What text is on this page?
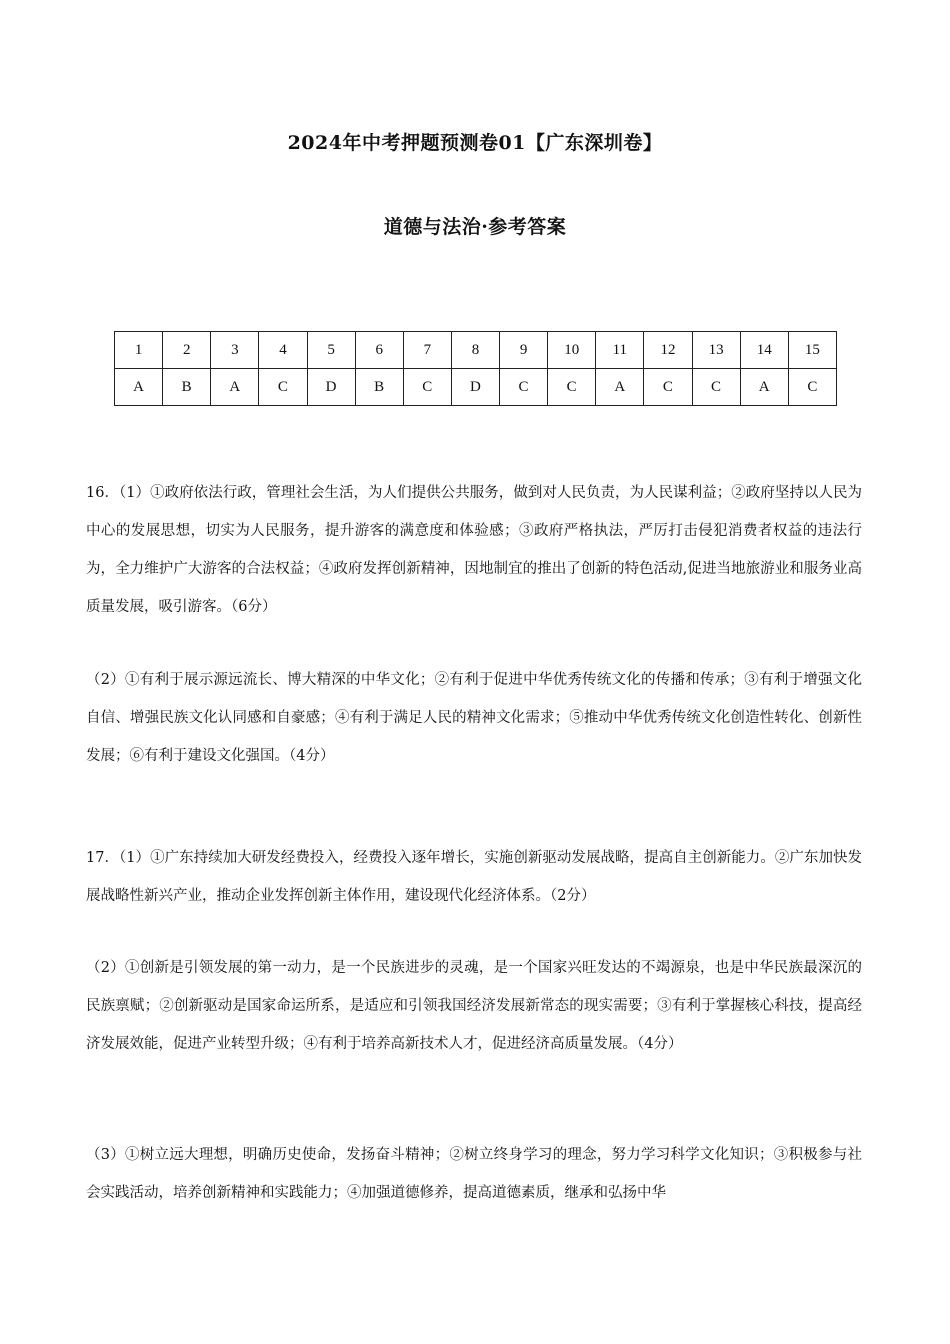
2024年中考押题预测卷01【广东深圳卷】
道德与法治·参考答案
1	2	3	4	5	6	7	8	9	10	11	12	13	14	15
A	B	A	C	D	B	C	D	C	C	A	C	C	A	C
16．（1）①政府依法行政，管理社会生活，为人们提供公共服务，做到对人民负责，为人民谋利益；②政府坚持以人民为中心的发展思想，切实为人民服务，提升游客的满意度和体验感；③政府严格执法，严厉打击侵犯消费者权益的违法行为，全力维护广大游客的合法权益；④政府发挥创新精神，因地制宜的推出了创新的特色活动,促进当地旅游业和服务业高质量发展，吸引游客。（6分）
（2）①有利于展示源远流长、博大精深的中华文化；②有利于促进中华优秀传统文化的传播和传承；③有利于增强文化自信、增强民族文化认同感和自豪感；④有利于满足人民的精神文化需求；⑤推动中华优秀传统文化创造性转化、创新性发展；⑥有利于建设文化强国。（4分）
17．（1）①广东持续加大研发经费投入，经费投入逐年增长，实施创新驱动发展战略，提高自主创新能力。②广东加快发展战略性新兴产业，推动企业发挥创新主体作用，建设现代化经济体系。（2分）
（2）①创新是引领发展的第一动力，是一个民族进步的灵魂，是一个国家兴旺发达的不竭源泉，也是中华民族最深沉的民族禀赋；②创新驱动是国家命运所系，是适应和引领我国经济发展新常态的现实需要；③有利于掌握核心科技，提高经济发展效能，促进产业转型升级；④有利于培养高新技术人才，促进经济高质量发展。（4分）
（3）①树立远大理想，明确历史使命，发扬奋斗精神；②树立终身学习的理念，努力学习科学文化知识；③积极参与社会实践活动，培养创新精神和实践能力；④加强道德修养，提高道德素质，继承和弘扬中华
